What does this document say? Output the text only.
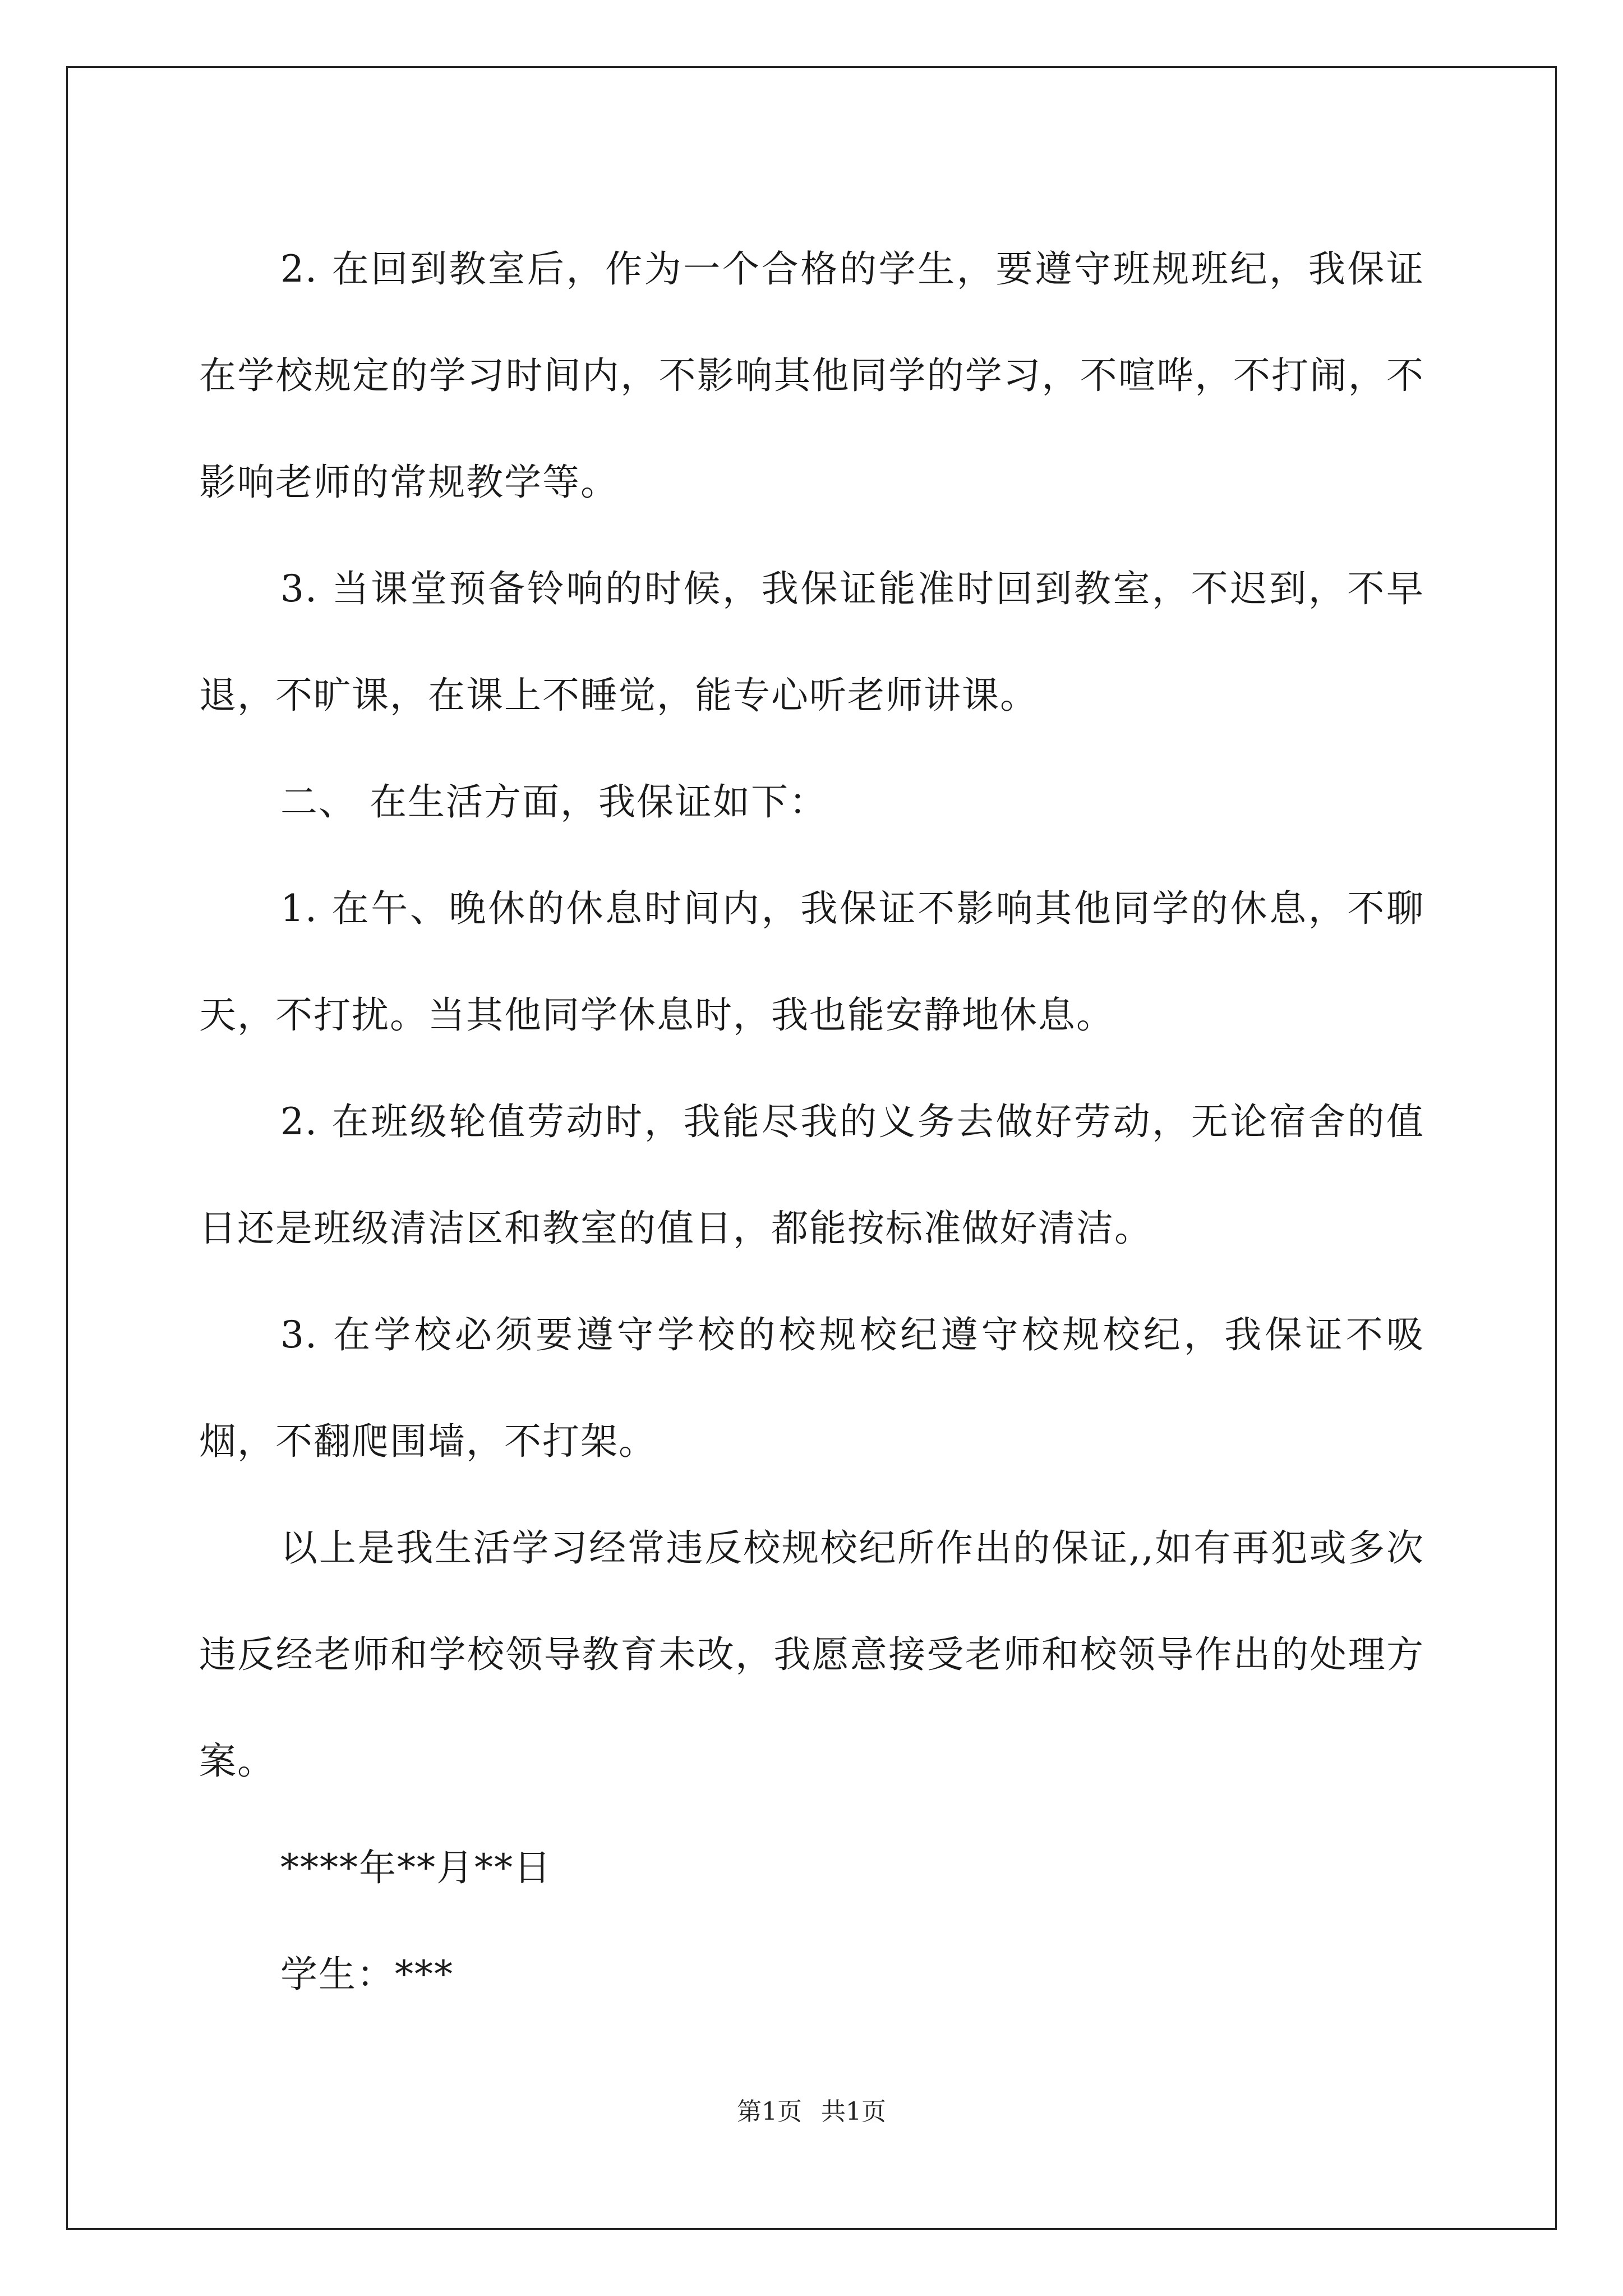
2. 在回到教室后，作为一个合格的学生，要遵守班规班纪，我保证在学校规定的学习时间内，不影响其他同学的学习，不喧哗，不打闹，不影响老师的常规教学等。

3. 当课堂预备铃响的时候，我保证能准时回到教室，不迟到，不早退，不旷课，在课上不睡觉，能专心听老师讲课。

二、 在生活方面，我保证如下：

1. 在午、晚休的休息时间内，我保证不影响其他同学的休息，不聊天，不打扰。当其他同学休息时，我也能安静地休息。

2. 在班级轮值劳动时，我能尽我的义务去做好劳动，无论宿舍的值日还是班级清洁区和教室的值日，都能按标准做好清洁。

3. 在学校必须要遵守学校的校规校纪遵守校规校纪，我保证不吸烟，不翻爬围墙，不打架。

以上是我生活学习经常违反校规校纪所作出的保证,,如有再犯或多次违反经老师和学校领导教育未改，我愿意接受老师和校领导作出的处理方案。

****年**月**日

学生：***

第1页 共1页
